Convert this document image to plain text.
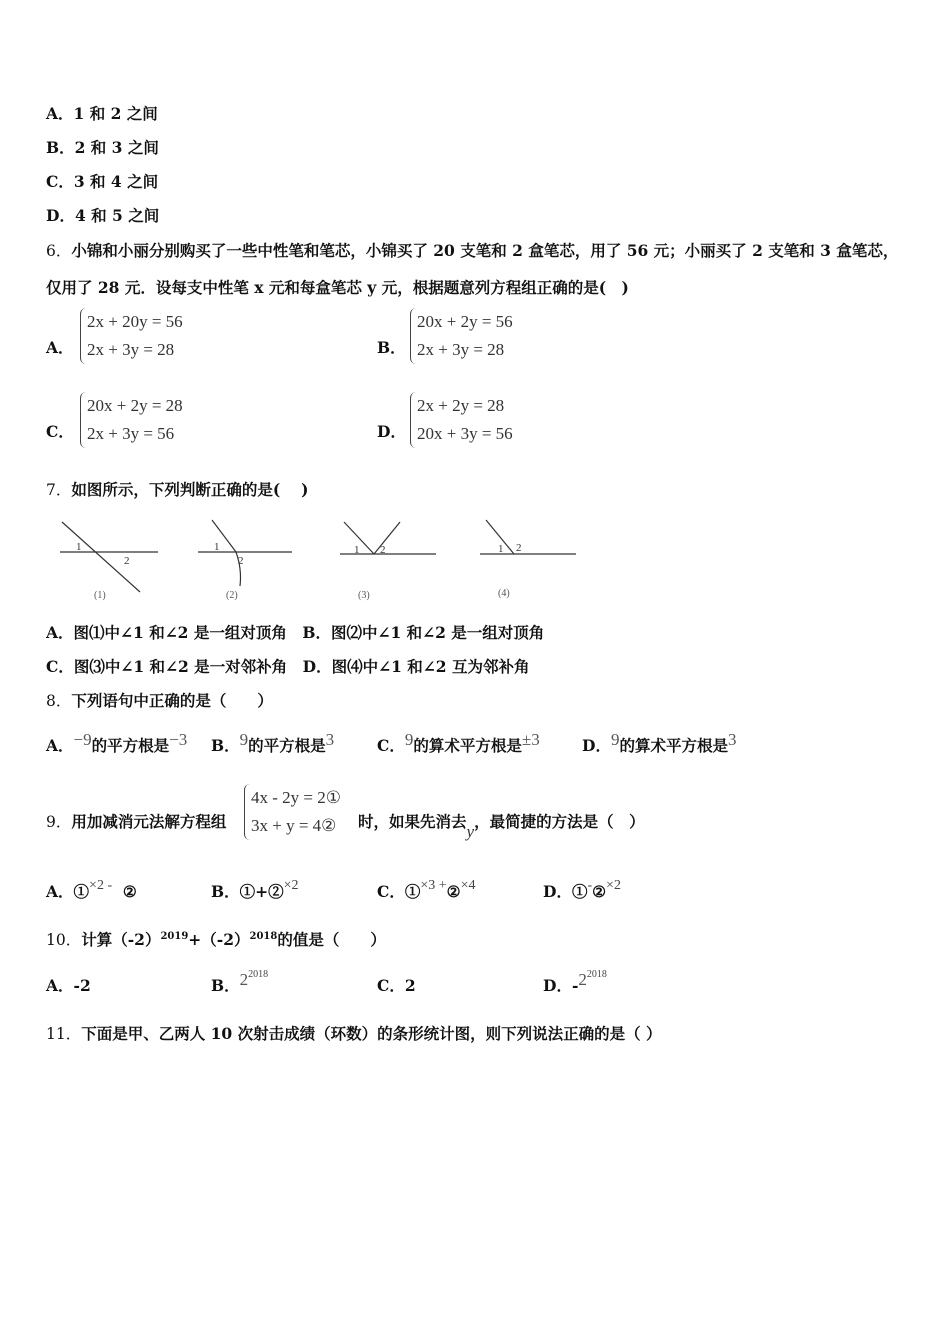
A．1 和 2 之间
B．2 和 3 之间
C．3 和 4 之间
D．4 和 5 之间
6．小锦和小丽分别购买了一些中性笔和笔芯，小锦买了 20 支笔和 2 盒笔芯，用了 56 元；小丽买了 2 支笔和 3 盒笔芯，
仅用了 28 元．设每支中性笔 x 元和每盒笔芯 y 元，根据题意列方程组正确的是(　)
A．
2x + 20y = 56
2x + 3y = 28	B．
20x + 2y = 56
2x + 3y = 28
C．
20x + 2y = 28
2x + 3y = 56	D．
2x + 2y = 28
20x + 3y = 56
7．如图所示，下列判断正确的是(　 )
1
2
1
2
1 2	1 2
(1)	(2)	(3)	(4)
A．图⑴中∠1 和∠2 是一组对顶角　B．图⑵中∠1 和∠2 是一组对顶角
C．图⑶中∠1 和∠2 是一对邻补角　D．图⑷中∠1 和∠2 互为邻补角
8．下列语句中正确的是（　　）
A．−9的平方根是−3 B．9的平方根是3	C．9的算术平方根是±3	D．9的算术平方根是3
9．用加减消元法解方程组
4x - 2y = 2①
3x + y = 4② 时，如果先消去y，最简捷的方法是（　）
A．①×2 - ②	B．①+②×2	C．①×3 +②×4	D．①-②×2
10．计算$(-2)^{2019}+(-2)^{2018}$的值是（　　）
A．-2	B．$2^{2018}$
C．2	D．$-2^{2018}$
11．下面是甲、乙两人 10 次射击成绩（环数）的条形统计图，则下列说法正确的是（ ）
